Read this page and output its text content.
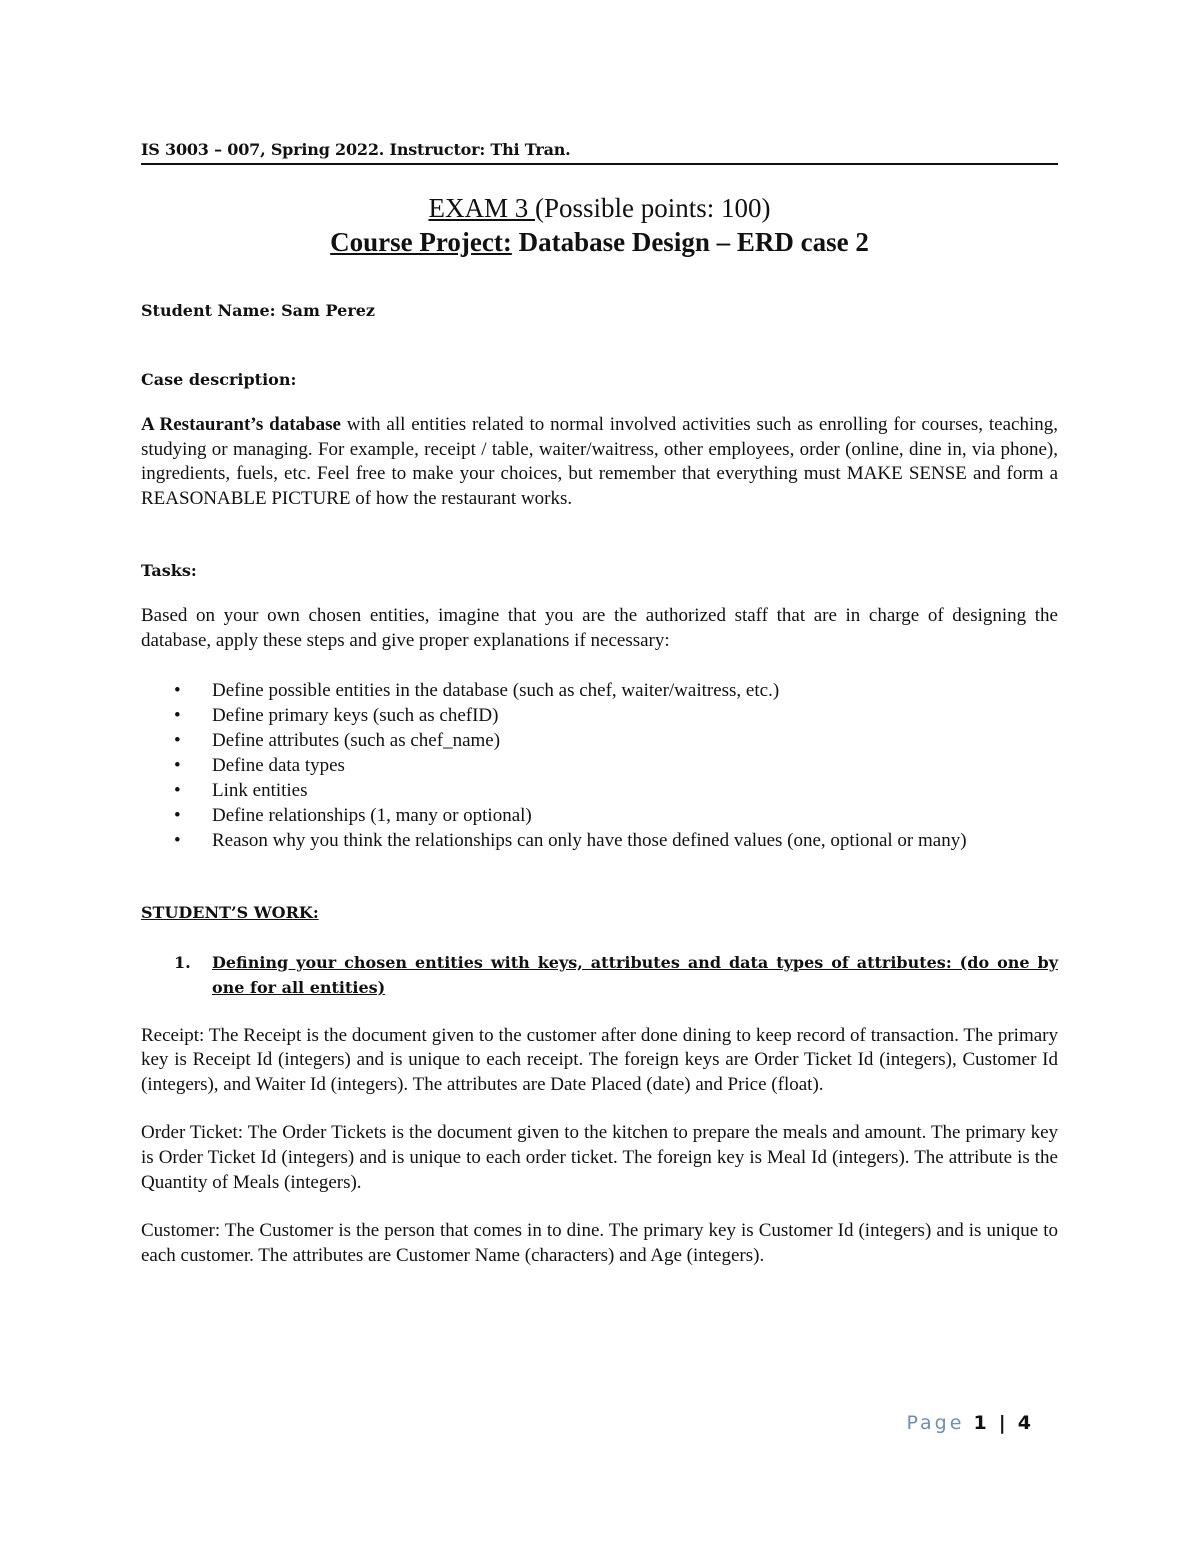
IS 3003 – 007, Spring 2022. Instructor: Thi Tran.
EXAM 3 (Possible points: 100)
Course Project: Database Design – ERD case 2
Student Name: Sam Perez
Case description:

A Restaurant’s database with all entities related to normal involved activities such as enrolling for courses, teaching, studying or managing. For example, receipt / table, waiter/waitress, other employees, order (online, dine in, via phone), ingredients, fuels, etc. Feel free to make your choices, but remember that everything must MAKE SENSE and form a REASONABLE PICTURE of how the restaurant works.

Tasks:

Based on your own chosen entities, imagine that you are the authorized staff that are in charge of designing the database, apply these steps and give proper explanations if necessary:

• Define possible entities in the database (such as chef, waiter/waitress, etc.)
• Define primary keys (such as chefID)
• Define attributes (such as chef_name)
• Define data types
• Link entities
• Define relationships (1, many or optional)
• Reason why you think the relationships can only have those defined values (one, optional or many)
STUDENT’S WORK:
1. Defining your chosen entities with keys, attributes and data types of attributes: (do one by one for all entities)

Receipt: The Receipt is the document given to the customer after done dining to keep record of transaction. The primary key is Receipt Id (integers) and is unique to each receipt. The foreign keys are Order Ticket Id (integers), Customer Id (integers), and Waiter Id (integers). The attributes are Date Placed (date) and Price (float).

Order Ticket: The Order Tickets is the document given to the kitchen to prepare the meals and amount. The primary key is Order Ticket Id (integers) and is unique to each order ticket. The foreign key is Meal Id (integers). The attribute is the Quantity of Meals (integers).

Customer: The Customer is the person that comes in to dine. The primary key is Customer Id (integers) and is unique to each customer. The attributes are Customer Name (characters) and Age (integers).

Page 1 | 4
